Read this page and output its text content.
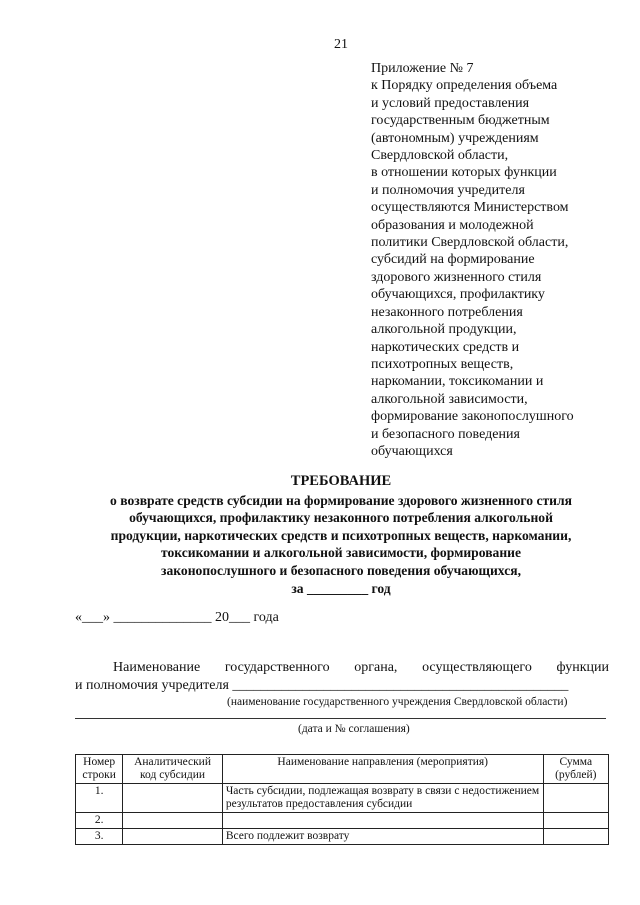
21
Приложение № 7
к Порядку определения объема
и условий предоставления
государственным бюджетным
(автономным) учреждениям
Свердловской области,
в отношении которых функции
и полномочия учредителя
осуществляются Министерством
образования и молодежной
политики Свердловской области,
субсидий на формирование
здорового жизненного стиля
обучающихся, профилактику
незаконного потребления
алкогольной продукции,
наркотических средств и
психотропных веществ,
наркомании, токсикомании и
алкогольной зависимости,
формирование законопослушного
и безопасного поведения
обучающихся
ТРЕБОВАНИЕ
о возврате средств субсидии на формирование здорового жизненного стиля
обучающихся, профилактику незаконного потребления алкогольной
продукции, наркотических средств и психотропных веществ, наркомании,
токсикомании и алкогольной зависимости, формирование
законопослушного и безопасного поведения обучающихся,
за _________ год
«___» ______________ 20___ года
Наименование государственного органа, осуществляющего функции
и полномочия учредителя ________________________________________________
(наименование государственного учреждения Свердловской области)
(дата и № соглашения)
Номер строки	Аналитический код субсидии	Наименование направления (мероприятия)	Сумма (рублей)
1.		Часть субсидии, подлежащая возврату в связи с недостижением результатов предоставления субсидии	
2.			
3.		Всего подлежит возврату	
